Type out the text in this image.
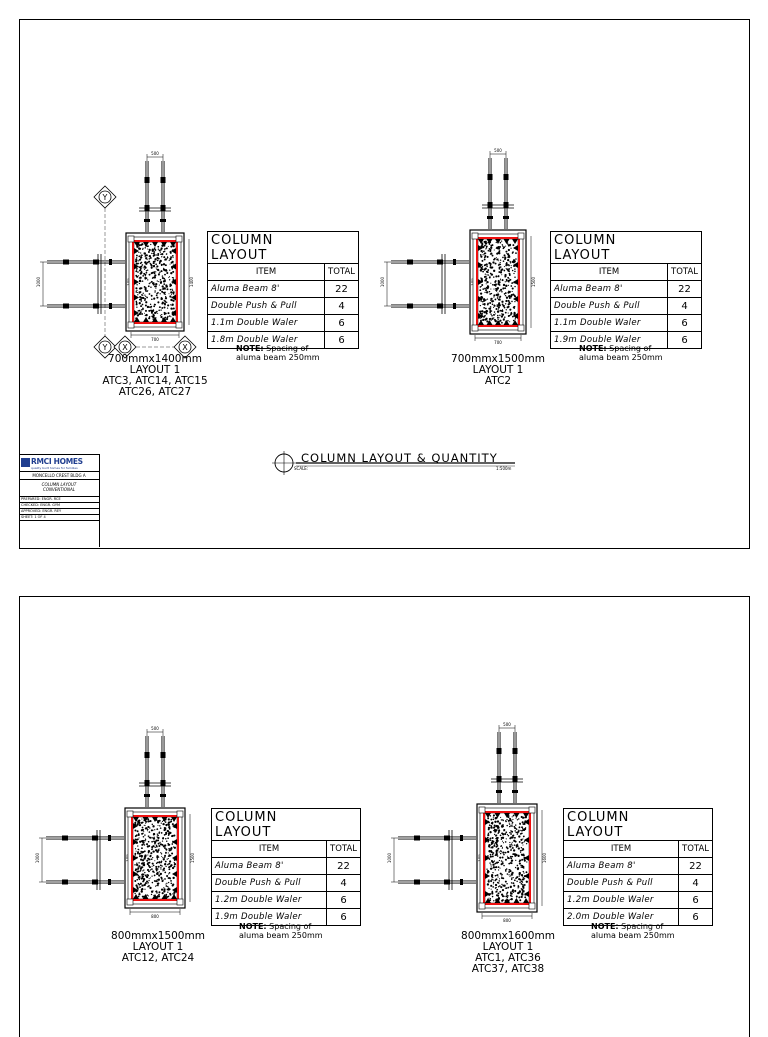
500
1000	1400
700
1.8m
Y
Y X	X
500
1000	1500
700
1.8m
500
1000	1500
800
1.8m
500
1000	1600
800
1.8m
COLUMN LAYOUT	
ITEM	TOTAL
Aluma Beam 8'	22
Double Push & Pull	4
1.1m Double Waler	6
1.8m Double Waler	6
COLUMN LAYOUT	
ITEM	TOTAL
Aluma Beam 8'	22
Double Push & Pull	4
1.1m Double Waler	6
1.9m Double Waler	6
COLUMN LAYOUT	
ITEM	TOTAL
Aluma Beam 8'	22
Double Push & Pull	4
1.2m Double Waler	6
1.9m Double Waler	6
COLUMN LAYOUT	
ITEM	TOTAL
Aluma Beam 8'	22
Double Push & Pull	4
1.2m Double Waler	6
2.0m Double Waler	6
NOTE: Spacing of
aluma beam 250mm
NOTE: Spacing of
aluma beam 250mm
NOTE: Spacing of
aluma beam 250mm
NOTE: Spacing of
aluma beam 250mm
700mmx1400mm
LAYOUT 1
ATC3, ATC14, ATC15
ATC26, ATC27
700mmx1500mm
LAYOUT 1
ATC2
800mmx1500mm
LAYOUT 1
ATC12, ATC24
800mmx1600mm
LAYOUT 1
ATC1, ATC36
ATC37, ATC38
COLUMN LAYOUT & QUANTITY
SCALE:	1:500m
RMCI HOMES
quality built homes for families
MONCELLO CREST BLDG A
COLUMN LAYOUT
CONVENTIONAL
PREPARED: ENGR. RCE
CHECKED: ENGR. GYM
APPROVED: ENGR. REY
SHEET: 1 OF 4
